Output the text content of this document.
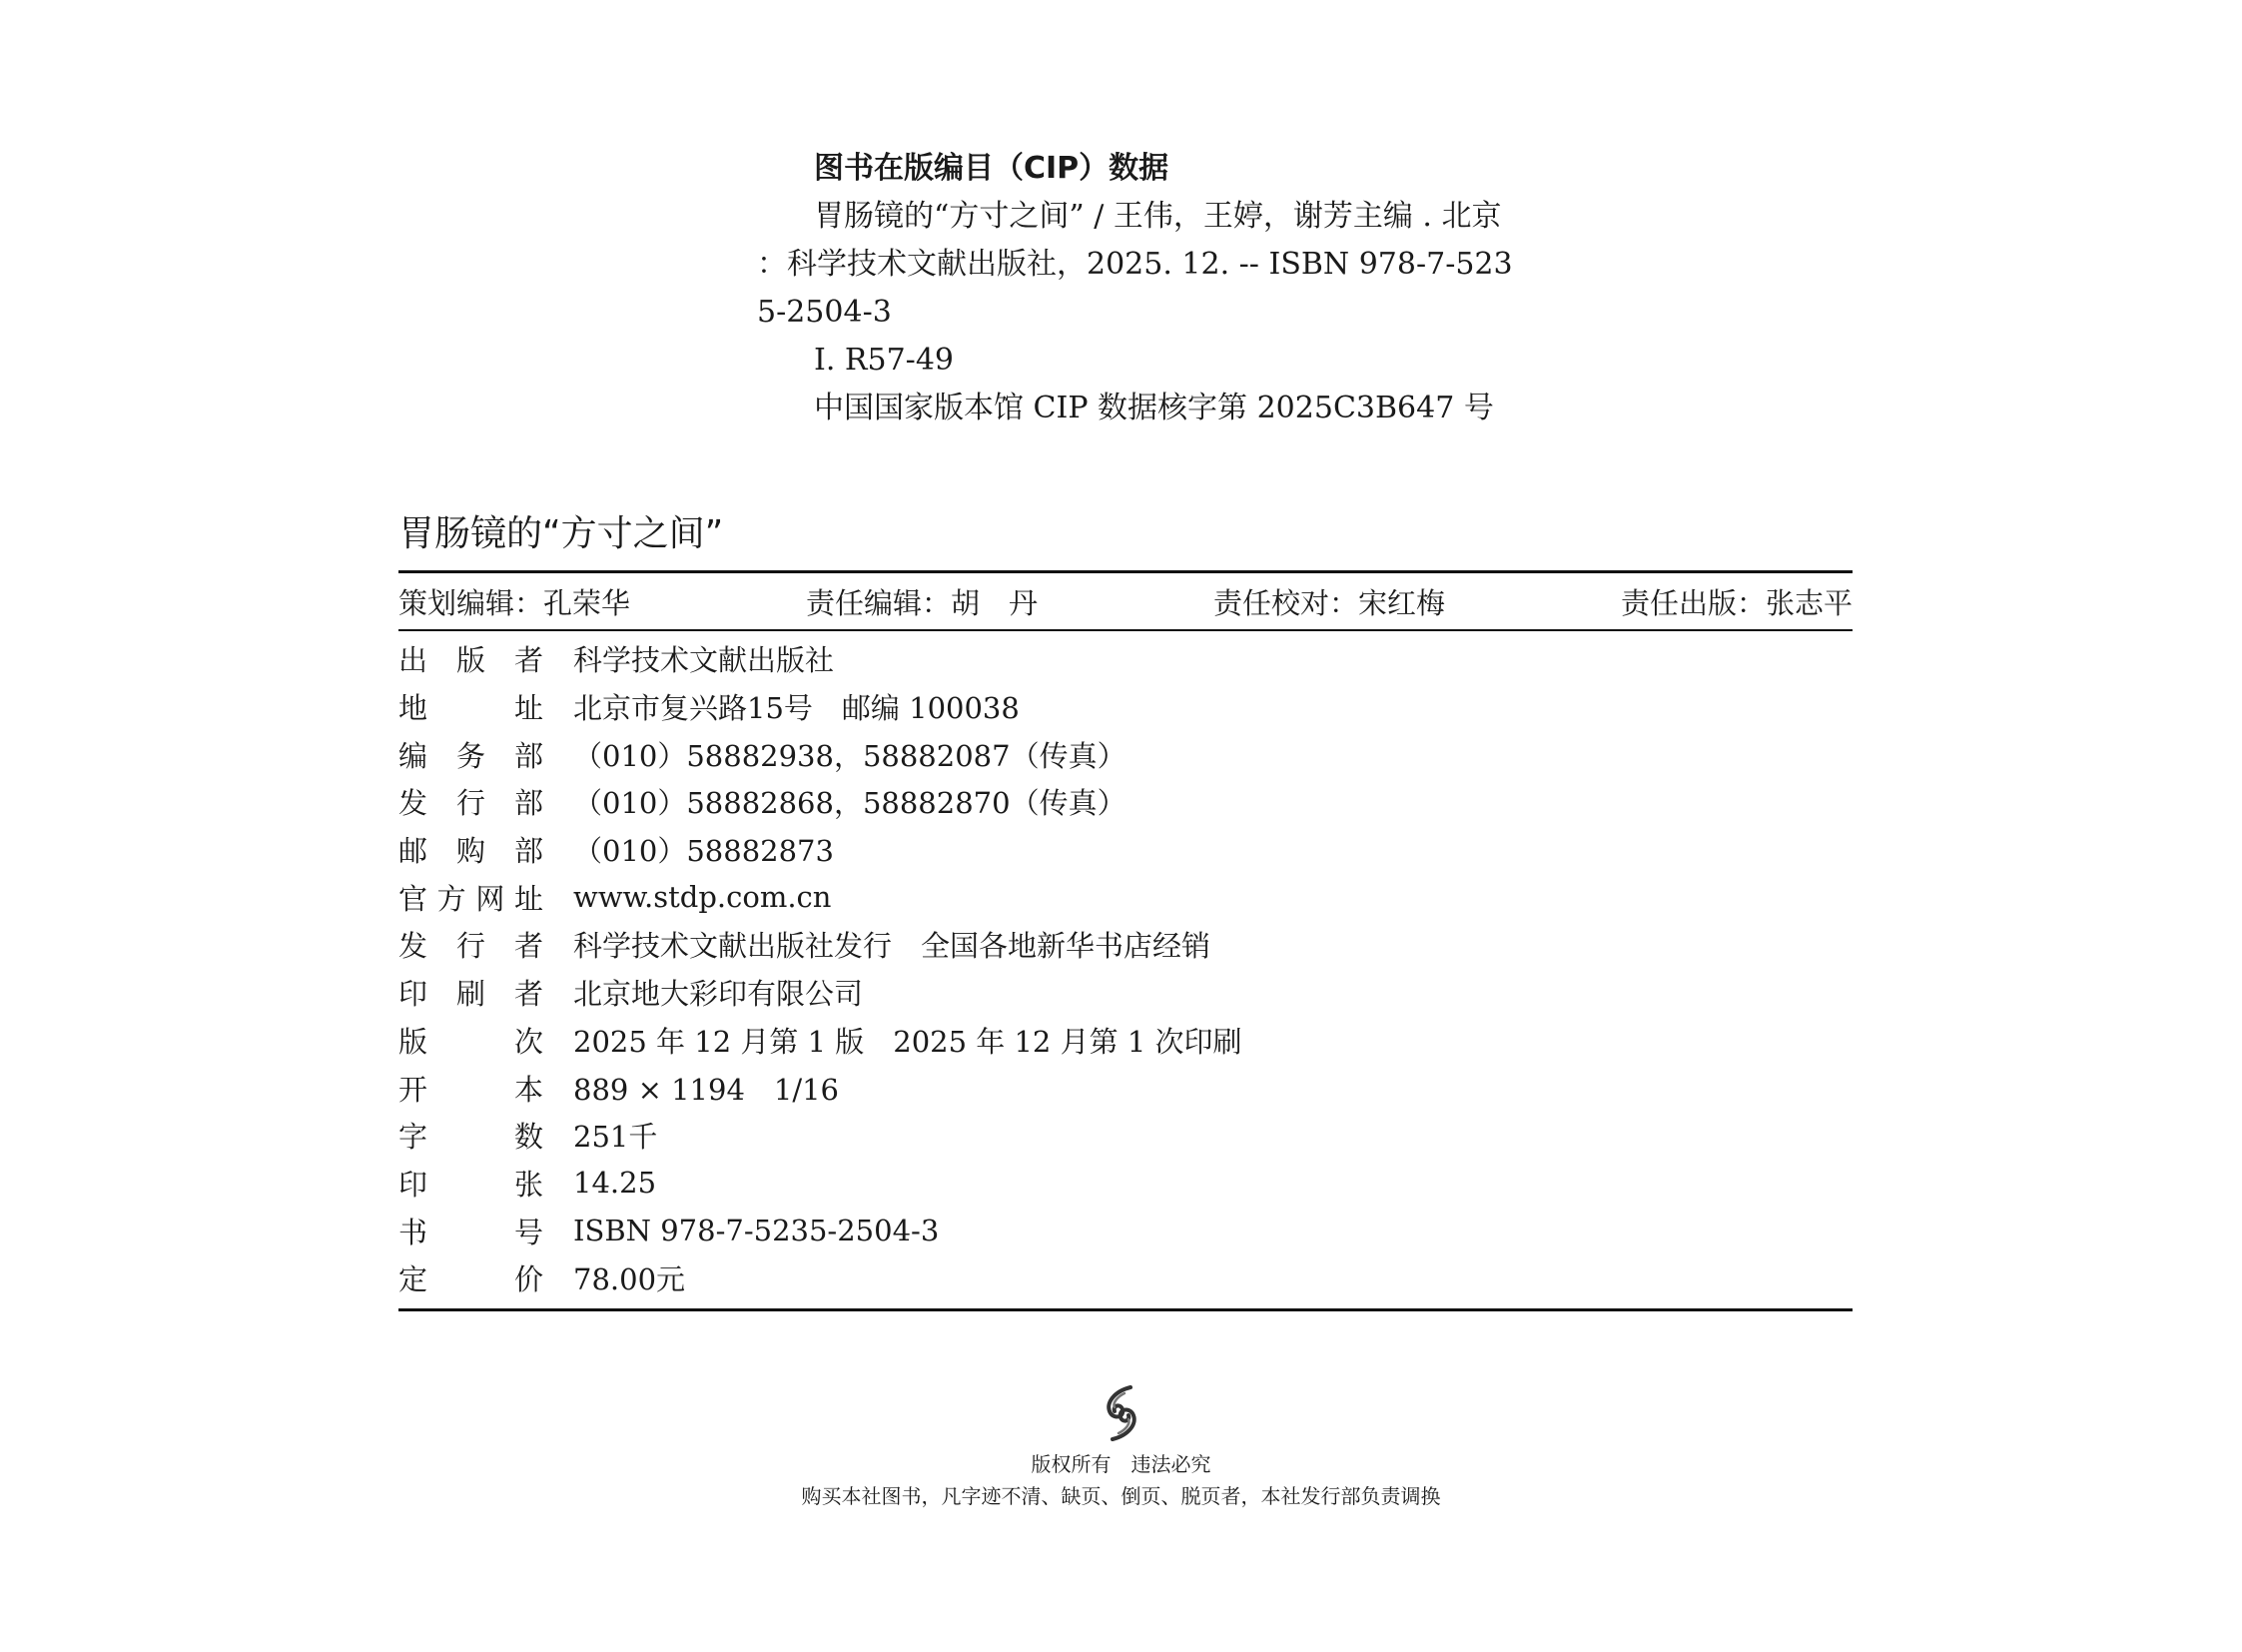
图书在版编目（CIP）数据
胃肠镜的“方寸之间” / 王伟，王婷，谢芳主编 . 北京 ：科学技术文献出版社，2025. 12. -- ISBN 978-7-5235-2504-3
Ⅰ. R57-49
中国国家版本馆 CIP 数据核字第 2025C3B647 号
胃肠镜的“方寸之间”
策划编辑：孔荣华	责任编辑：胡　丹	责任校对：宋红梅	责任出版：张志平
出 版 者 科学技术文献出版社
地	址 北京市复兴路15号　邮编 100038
编 务 部 （010）58882938，58882087（传真）
发 行 部 （010）58882868，58882870（传真）
邮 购 部 （010）58882873
官 方 网 址 www.stdp.com.cn
发 行 者 科学技术文献出版社发行　全国各地新华书店经销
印 刷 者 北京地大彩印有限公司
版	次 2025 年 12 月第 1 版　2025 年 12 月第 1 次印刷
开	本 889 × 1194　1/16
字	数 251千
印	张 14.25
书	号 ISBN 978-7-5235-2504-3
定	价 78.00元
版权所有　违法必究
购买本社图书，凡字迹不清、缺页、倒页、脱页者，本社发行部负责调换
